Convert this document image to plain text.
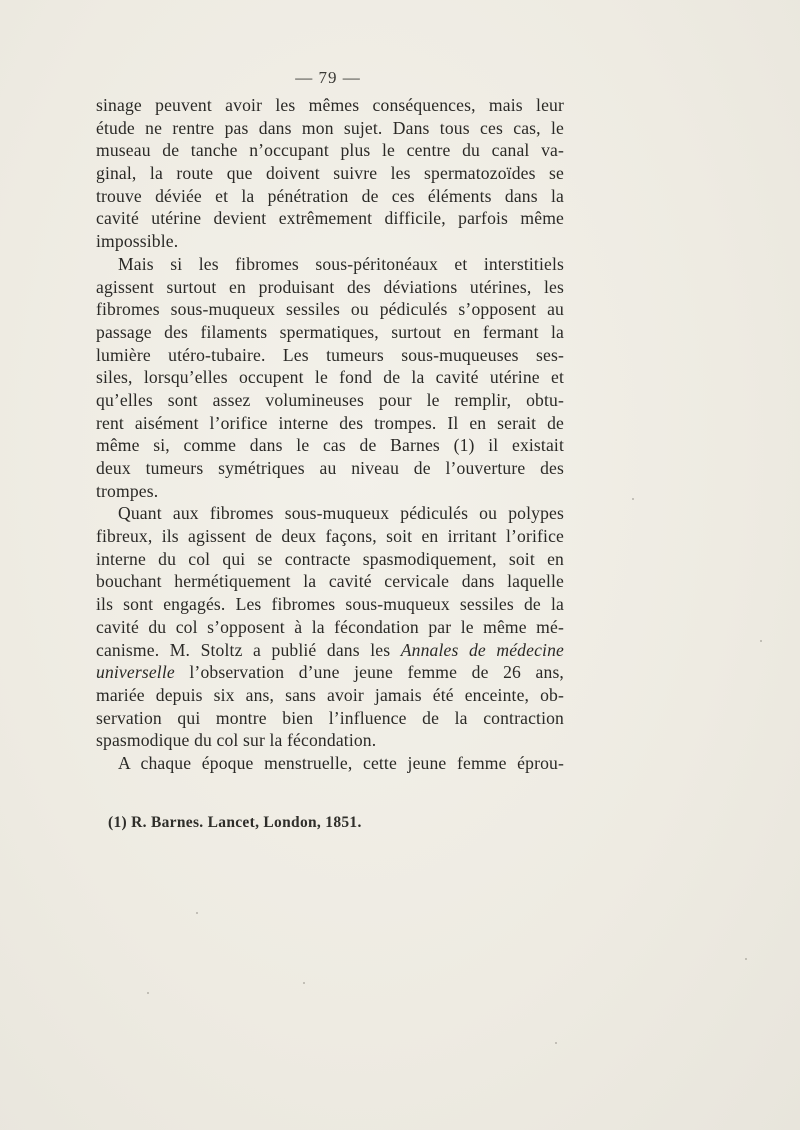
— 79 —

sinage peuvent avoir les mêmes conséquences, mais leur
étude ne rentre pas dans mon sujet. Dans tous ces cas, le
museau de tanche n’occupant plus le centre du canal va-
ginal, la route que doivent suivre les spermatozoïdes se
trouve déviée et la pénétration de ces éléments dans la
cavité utérine devient extrêmement difficile, parfois même
impossible.

Mais si les fibromes sous-péritonéaux et interstitiels
agissent surtout en produisant des déviations utérines, les
fibromes sous-muqueux sessiles ou pédiculés s’opposent au
passage des filaments spermatiques, surtout en fermant la
lumière utéro-tubaire. Les tumeurs sous-muqueuses ses-
siles, lorsqu’elles occupent le fond de la cavité utérine et
qu’elles sont assez volumineuses pour le remplir, obtu-
rent aisément l’orifice interne des trompes. Il en serait de
même si, comme dans le cas de Barnes (1) il existait
deux tumeurs symétriques au niveau de l’ouverture des
trompes.

Quant aux fibromes sous-muqueux pédiculés ou polypes
fibreux, ils agissent de deux façons, soit en irritant l’orifice
interne du col qui se contracte spasmodiquement, soit en
bouchant hermétiquement la cavité cervicale dans laquelle
ils sont engagés. Les fibromes sous-muqueux sessiles de la
cavité du col s’opposent à la fécondation par le même mé-
canisme. M. Stoltz a publié dans les Annales de médecine
universelle l’observation d’une jeune femme de 26 ans,
mariée depuis six ans, sans avoir jamais été enceinte, ob-
servation qui montre bien l’influence de la contraction
spasmodique du col sur la fécondation.

A chaque époque menstruelle, cette jeune femme éprou-

(1) R. Barnes. Lancet, London, 1851.
